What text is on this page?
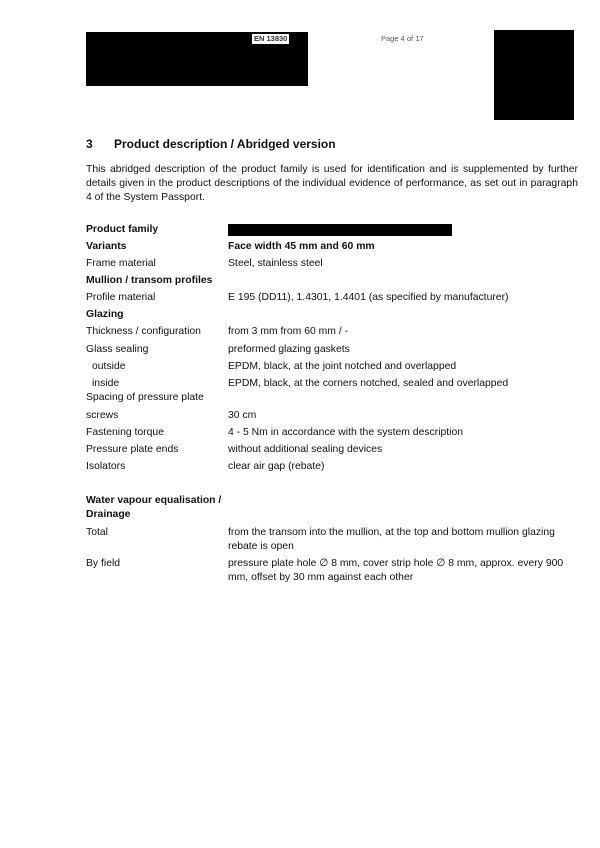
EN 13830	Page 4 of 17
3 Product description / Abridged version

This abridged description of the product family is used for identification and is supplemented by further details given in the product descriptions of the individual evidence of performance, as set out in paragraph 4 of the System Passport.

Product family
Variants	Face width 45 mm and 60 mm
Frame material	Steel, stainless steel
Mullion / transom profiles
Profile material	E 195 (DD11), 1.4301, 1.4401 (as specified by manufacturer)
Glazing
Thickness / configuration	from 3 mm from 60 mm / -
Glass sealing	preformed glazing gaskets
outside	EPDM, black, at the joint notched and overlapped
inside	EPDM, black, at the corners notched, sealed and overlapped
Spacing of pressure plate
screws	30 cm
Fastening torque	4 - 5 Nm in accordance with the system description
Pressure plate ends	without additional sealing devices
Isolators	clear air gap (rebate)
Water vapour equalisation /
Drainage
Total	from the transom into the mullion, at the top and bottom mullion glazing rebate is open
By field	pressure plate hole ∅ 8 mm, cover strip hole ∅ 8 mm, approx. every 900 mm, offset by 30 mm against each other
